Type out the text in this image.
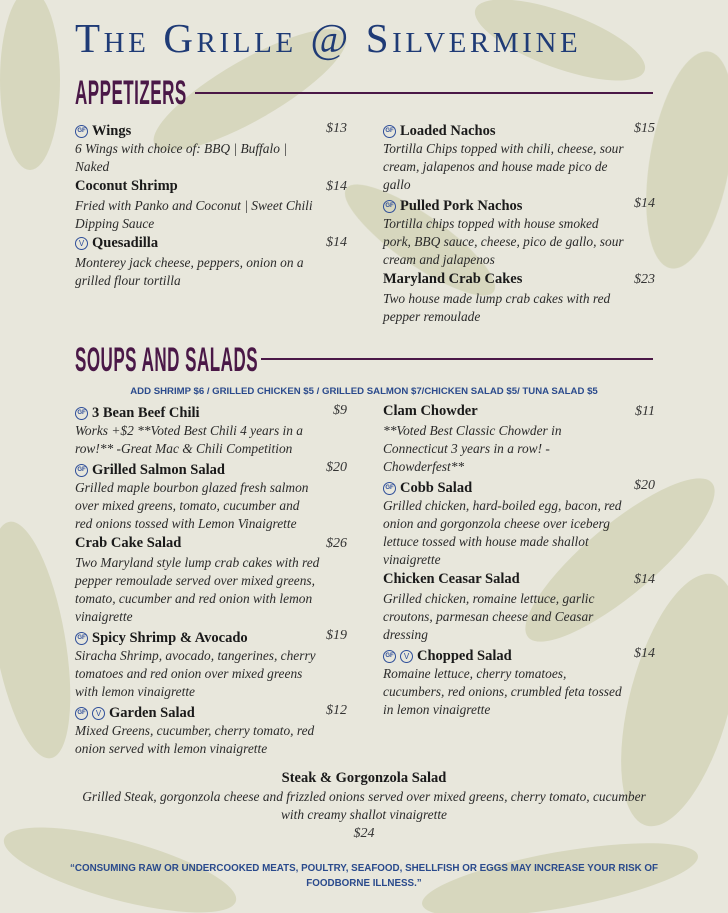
The Grille @ Silvermine
APPETIZERS
GF Wings	$13
6 Wings with choice of: BBQ | Buffalo | Naked
Coconut Shrimp	$14
Fried with Panko and Coconut | Sweet Chili Dipping Sauce
V Quesadilla	$14
Monterey jack cheese, peppers, onion on a grilled flour tortilla
GF Loaded Nachos	$15
Tortilla Chips topped with chili, cheese, sour cream, jalapenos and house made pico de gallo
GF Pulled Pork Nachos	$14
Tortilla chips topped with house smoked pork, BBQ sauce, cheese, pico de gallo, sour cream and jalapenos
Maryland Crab Cakes	$23
Two house made lump crab cakes with red pepper remoulade
SOUPS AND SALADS
ADD SHRIMP $6 / GRILLED CHICKEN $5 / GRILLED SALMON $7/CHICKEN SALAD $5/ TUNA SALAD $5
GF 3 Bean Beef Chili	$9
Works +$2 **Voted Best Chili 4 years in a row!** -Great Mac & Chili Competition
GF Grilled Salmon Salad	$20
Grilled maple bourbon glazed fresh salmon over mixed greens, tomato, cucumber and red onions tossed with Lemon Vinaigrette
Crab Cake Salad	$26
Two Maryland style lump crab cakes with red pepper remoulade served over mixed greens, tomato, cucumber and red onion with lemon vinaigrette
GF Spicy Shrimp & Avocado	$19
Siracha Shrimp, avocado, tangerines, cherry tomatoes and red onion over mixed greens with lemon vinaigrette
GF	V Garden Salad	$12
Mixed Greens, cucumber, cherry tomato, red onion served with lemon vinaigrette
Clam Chowder	$11
**Voted Best Classic Chowder in Connecticut 3 years in a row! -Chowderfest**
GF Cobb Salad	$20
Grilled chicken, hard-boiled egg, bacon, red onion and gorgonzola cheese over iceberg lettuce tossed with house made shallot vinaigrette
Chicken Ceasar Salad	$14
Grilled chicken, romaine lettuce, garlic croutons, parmesan cheese and Ceasar dressing
GF	V Chopped Salad	$14
Romaine lettuce, cherry tomatoes, cucumbers, red onions, crumbled feta tossed in lemon vinaigrette
Steak & Gorgonzola Salad
Grilled Steak, gorgonzola cheese and frizzled onions served over mixed greens, cherry tomato, cucumber with creamy shallot vinaigrette
$24
“CONSUMING RAW OR UNDERCOOKED MEATS, POULTRY, SEAFOOD, SHELLFISH OR EGGS MAY INCREASE YOUR RISK OF FOODBORNE ILLNESS.”
